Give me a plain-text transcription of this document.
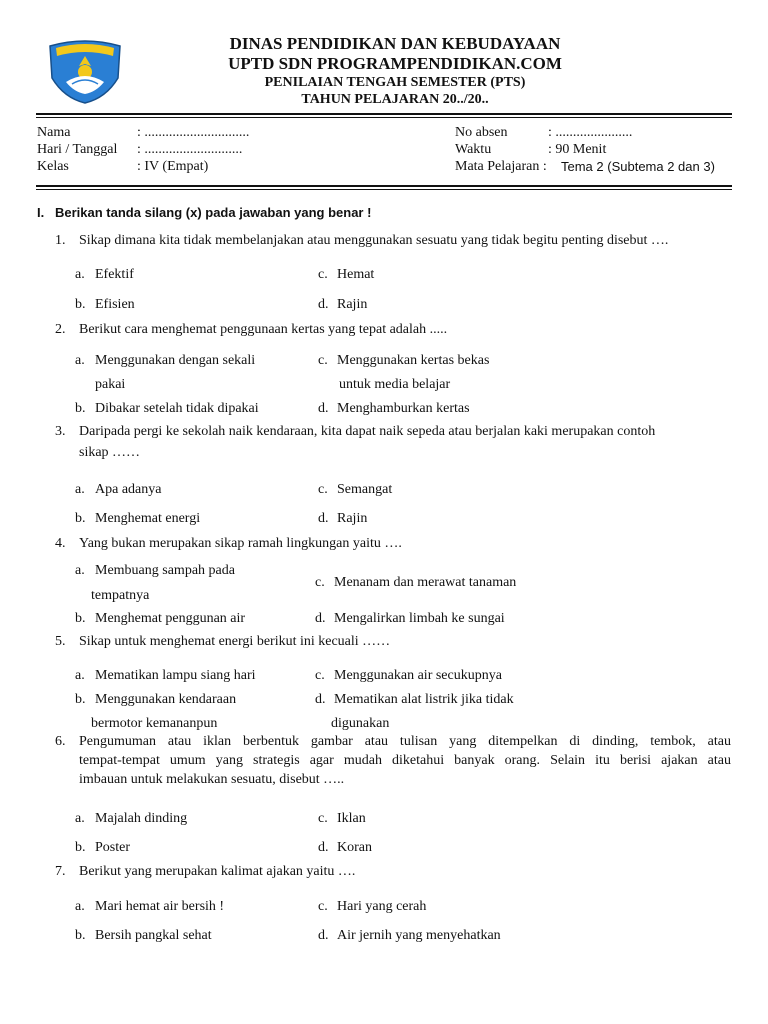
DINAS PENDIDIKAN DAN KEBUDAYAAN
UPTD SDN PROGRAMPENDIDIKAN.COM
PENILAIAN TENGAH SEMESTER (PTS)
TAHUN PELAJARAN 20../20..
Nama	: ..............................
Hari / Tanggal : ............................
Kelas	: IV (Empat)
No absen	: ......................
Waktu	: 90 Menit
Mata Pelajaran : Tema 2 (Subtema 2 dan 3)
I. Berikan tanda silang (x) pada jawaban yang benar !
1. Sikap dimana kita tidak membelanjakan atau menggunakan sesuatu yang tidak begitu penting disebut ….
a. Efektif
b. Efisien
c. Hemat
d. Rajin
2. Berikut cara menghemat penggunaan kertas yang tepat adalah .....
a. Menggunakan dengan sekali
pakai
b. Dibakar setelah tidak dipakai
c. Menggunakan kertas bekas
untuk media belajar
d. Menghamburkan kertas
3. Daripada pergi ke sekolah naik kendaraan, kita dapat naik sepeda atau berjalan kaki merupakan contoh
sikap ……
a. Apa adanya
b. Menghemat energi
c. Semangat
d. Rajin
4. Yang bukan merupakan sikap ramah lingkungan yaitu ….
a. Membuang sampah pada
tempatnya
b. Menghemat penggunan air
c. Menanam dan merawat tanaman
d. Mengalirkan limbah ke sungai
5. Sikap untuk menghemat energi berikut ini kecuali ……
a. Mematikan lampu siang hari
b. Menggunakan kendaraan
bermotor kemananpun
c. Menggunakan air secukupnya
d. Mematikan alat listrik jika tidak
digunakan
6. Pengumuman atau iklan berbentuk gambar atau tulisan yang ditempelkan di dinding, tembok, atau
tempat-tempat umum yang strategis agar mudah diketahui banyak orang. Selain itu berisi ajakan atau
imbauan untuk melakukan sesuatu, disebut …..
a. Majalah dinding
b. Poster
c. Iklan
d. Koran
7. Berikut yang merupakan kalimat ajakan yaitu ….
a. Mari hemat air bersih !
b. Bersih pangkal sehat
c. Hari yang cerah
d. Air jernih yang menyehatkan
